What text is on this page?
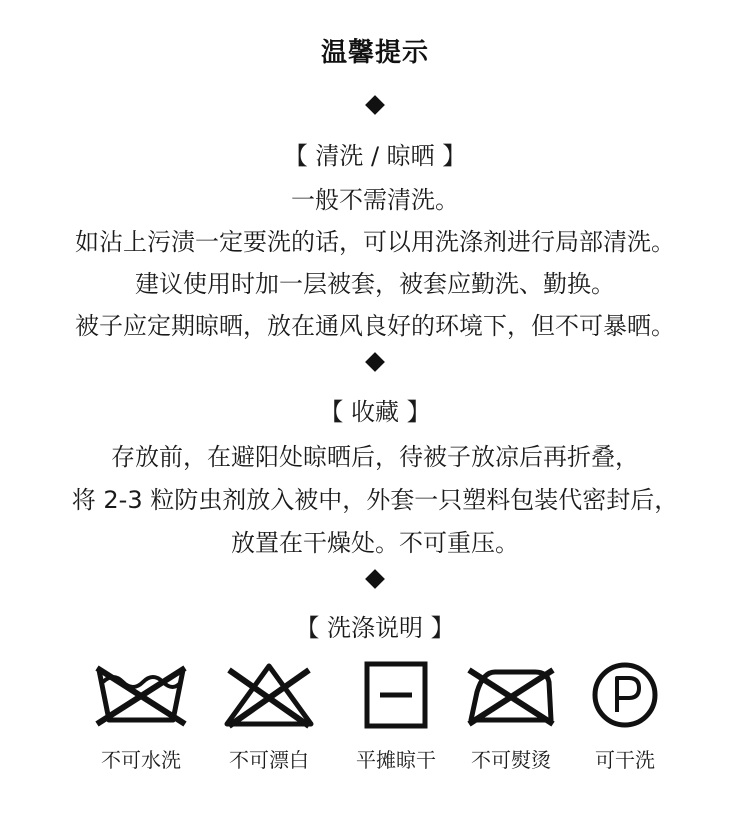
温馨提示
【 清洗 / 晾晒 】
一般不需清洗。
如沾上污渍一定要洗的话，可以用洗涤剂进行局部清洗。
建议使用时加一层被套，被套应勤洗、勤换。
被子应定期晾晒，放在通风良好的环境下，但不可暴晒。
【 收藏 】
存放前，在避阳处晾晒后，待被子放凉后再折叠，
将 2-3 粒防虫剂放入被中，外套一只塑料包装代密封后，
放置在干燥处。不可重压。
【 洗涤说明 】
不可水洗	不可漂白	平摊晾干	不可熨烫	可干洗
